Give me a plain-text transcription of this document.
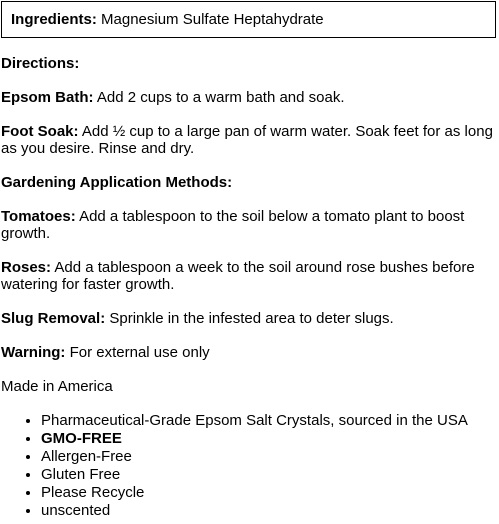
Ingredients: Magnesium Sulfate Heptahydrate

Directions:

Epsom Bath: Add 2 cups to a warm bath and soak.

Foot Soak: Add ½ cup to a large pan of warm water. Soak feet for as long as you desire. Rinse and dry.

Gardening Application Methods:

Tomatoes: Add a tablespoon to the soil below a tomato plant to boost growth.

Roses: Add a tablespoon a week to the soil around rose bushes before watering for faster growth.

Slug Removal: Sprinkle in the infested area to deter slugs.

Warning: For external use only

Made in America

• Pharmaceutical-Grade Epsom Salt Crystals, sourced in the USA
• GMO-FREE
• Allergen-Free
• Gluten Free
• Please Recycle
• unscented
